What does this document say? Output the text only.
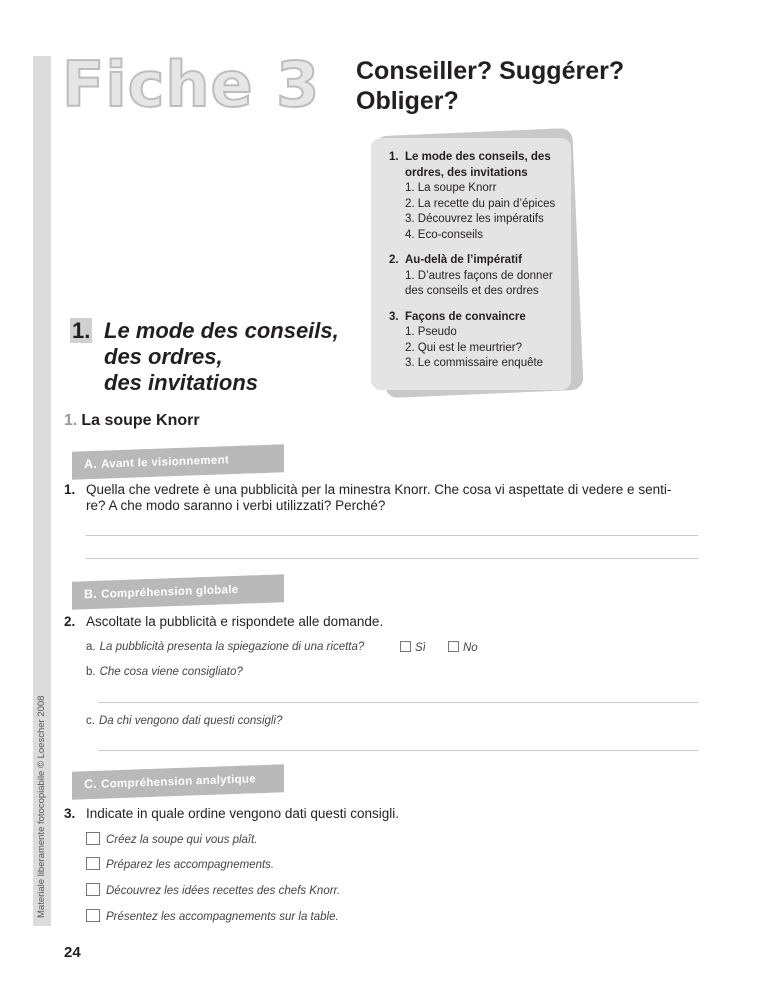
Materiale liberamente fotocopiabile © Loescher 2008
Fiche 3 Conseiller? Suggérer?
Obliger?
1. Le mode des conseils, des
ordres, des invitations
1. La soupe Knorr
2. La recette du pain d’épices
3. Découvrez les impératifs
4. Eco-conseils
2. Au-delà de l’impératif
1. D’autres façons de donner
des conseils et des ordres
3. Façons de convaincre
1. Pseudo
2. Qui est le meurtrier?
3. Le commissaire enquête
1. Le mode des conseils,
des ordres,
des invitations
1. La soupe Knorr
A. Avant le visionnement
1. Quella che vedrete è una pubblicità per la minestra Knorr. Che cosa vi aspettate di vedere e senti-
re? A che modo saranno i verbi utilizzati? Perché?
B. Compréhension globale
2. Ascoltate la pubblicità e rispondete alle domande.
a. La pubblicità presenta la spiegazione di una ricetta?	Sì	No
b. Che cosa viene consigliato?
c. Da chi vengono dati questi consigli?
C. Compréhension analytique
3. Indicate in quale ordine vengono dati questi consigli.
Créez la soupe qui vous plaît.
Préparez les accompagnements.
Découvrez les idées recettes des chefs Knorr.
Présentez les accompagnements sur la table.
24
